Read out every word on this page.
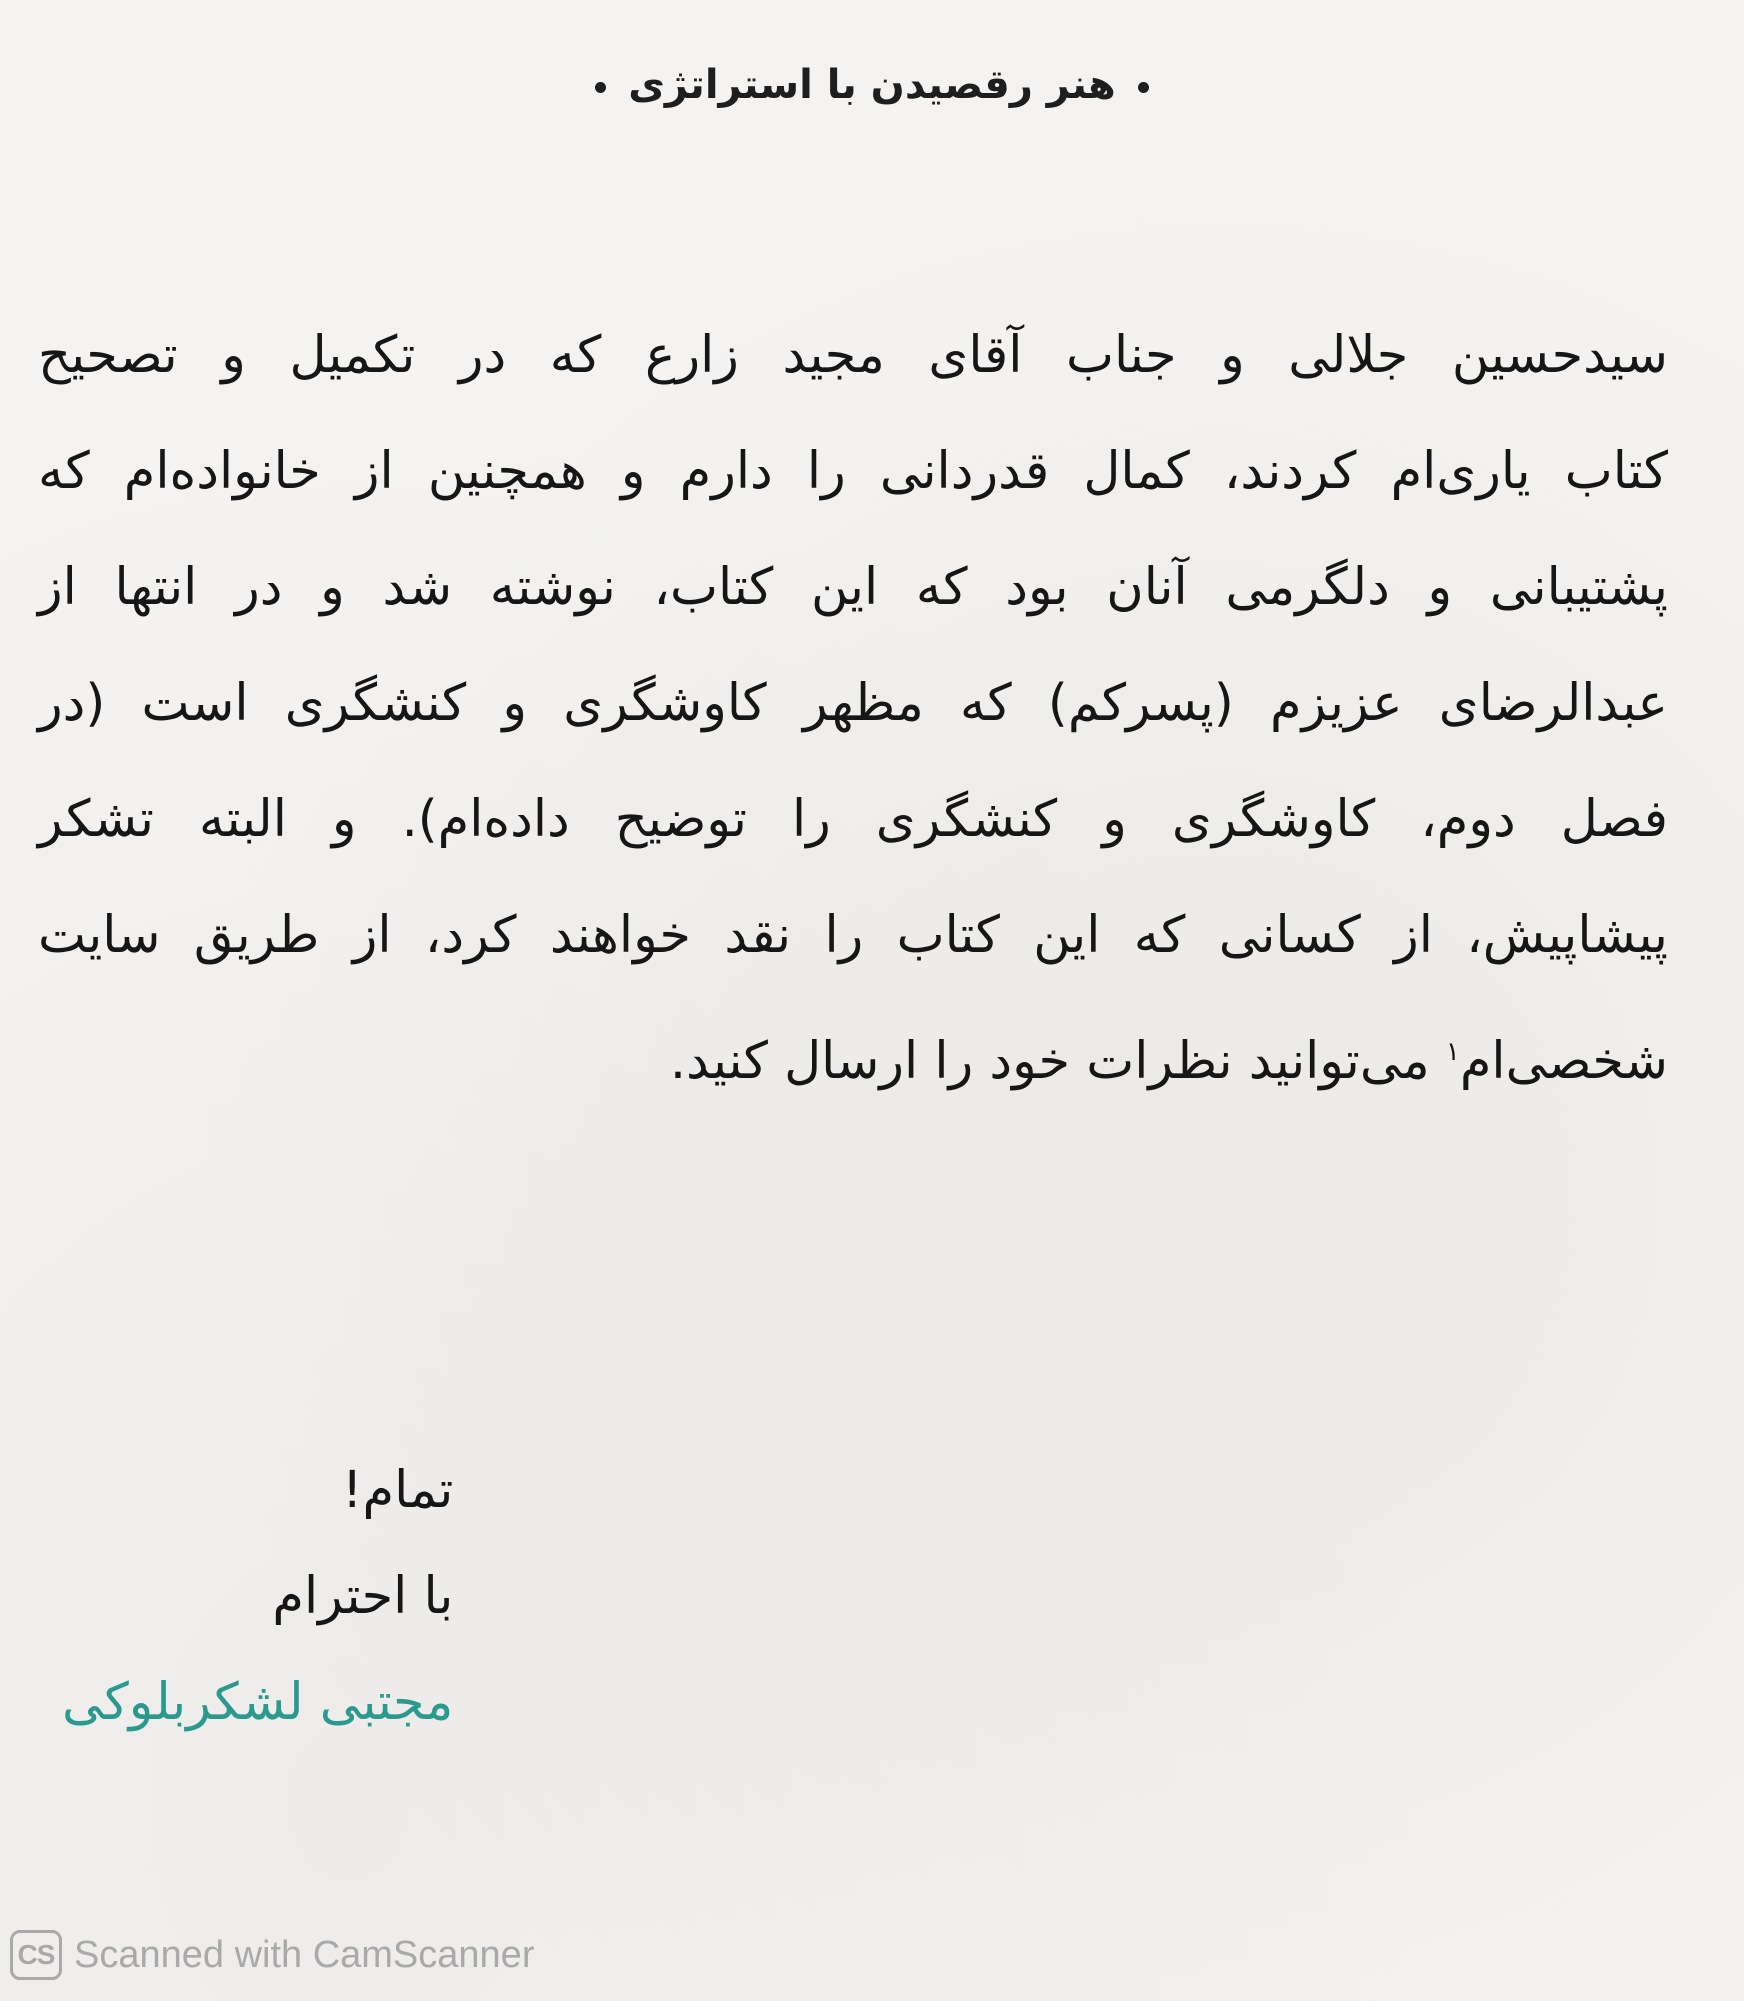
هنر رقصیدن با استراتژی
سیدحسین جلالی و جناب آقای مجید زارع که در تکمیل و تصحیح
کتاب یاری‌ام کردند، کمال قدردانی را دارم و همچنین از خانواده‌ام که
پشتیبانی و دلگرمی آنان بود که این کتاب، نوشته شد و در انتها از
عبدالرضای عزیزم (پسرکم) که مظهر کاوشگری و کنشگری است (در
فصل دوم، کاوشگری و کنشگری را توضیح داده‌ام). و البته تشکر
پیشاپیش، از کسانی که این کتاب را نقد خواهند کرد، از طریق سایت
شخصی‌ام$^۱$ می‌توانید نظرات خود را ارسال کنید.
تمام!
با احترام
مجتبی لشکربلوکی
CS Scanned with CamScanner
